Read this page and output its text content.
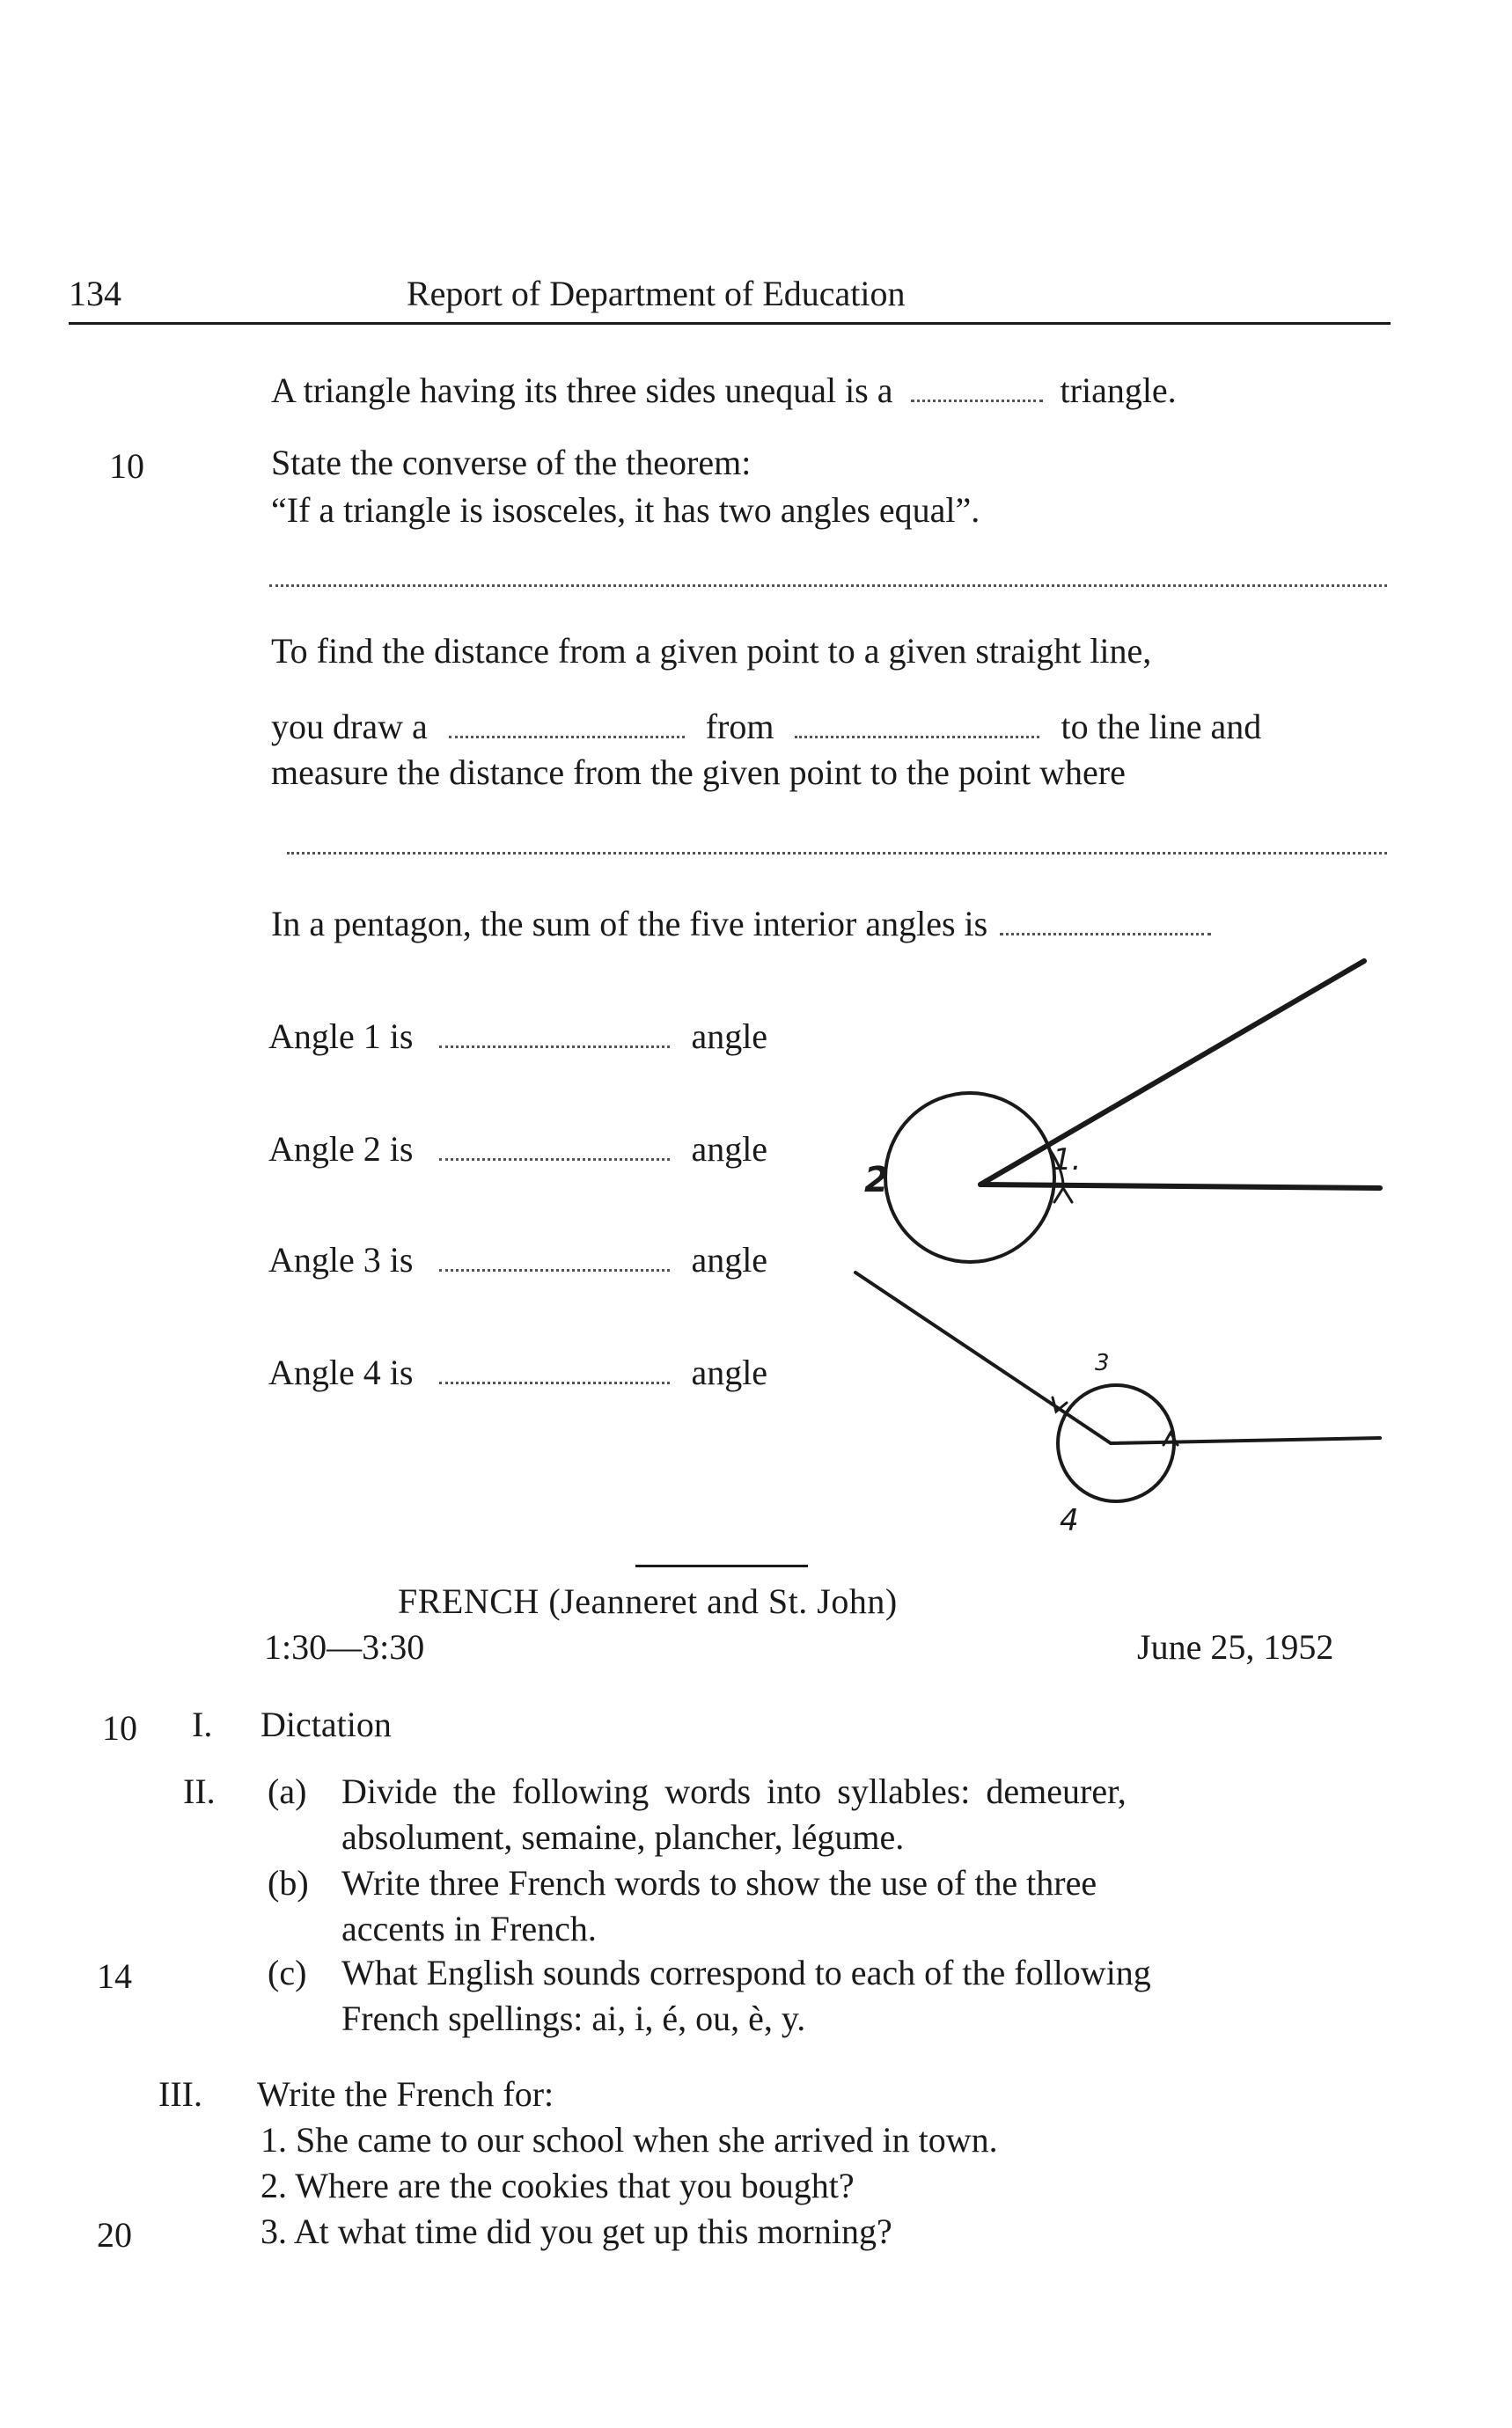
134	Report of Department of Education
A triangle having its three sides unequal is a	triangle.
10	State the converse of the theorem:
“If a triangle is isosceles, it has two angles equal”.
To find the distance from a given point to a given straight line,
you draw a	from	to the line and
measure the distance from the given point to the point where
In a pentagon, the sum of the five interior angles is
Angle 1 is	angle
Angle 2 is	angle
Angle 3 is	angle
Angle 4 is	angle
1.
2
3
4
FRENCH (Jeanneret and St. John)
1:30—3:30	June 25, 1952
10 I. Dictation
II. (a) Divide the following words into syllables: demeurer,
absolument, semaine, plancher, légume.
(b) Write three French words to show the use of the three
accents in French.
14	(c) What English sounds correspond to each of the following
French spellings: ai, i, é, ou, è, y.
III. Write the French for:
1. She came to our school when she arrived in town.
2. Where are the cookies that you bought?
20	3. At what time did you get up this morning?
